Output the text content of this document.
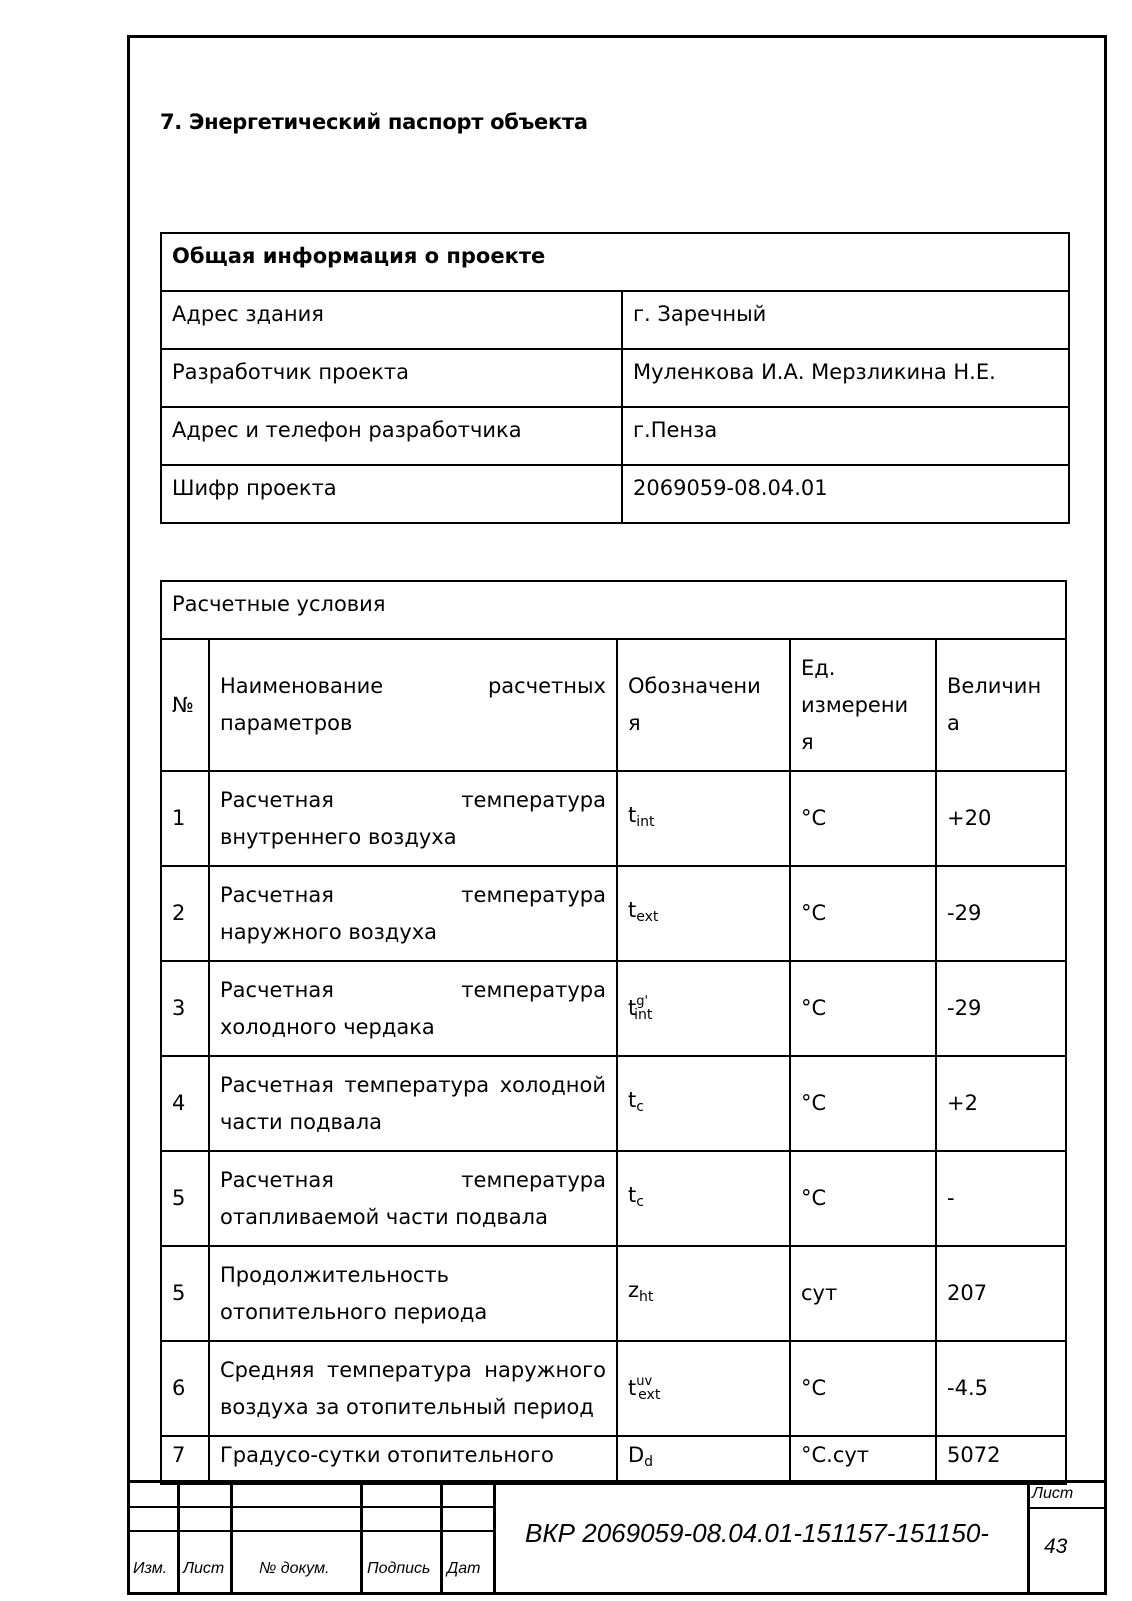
7. Энергетический паспорт объекта
Общая информация о проекте	
Адрес здания	г. Заречный
Разработчик проекта	Муленкова И.А. Мерзликина Н.Е.
Адрес и телефон разработчика	г.Пенза
Шифр проекта	2069059-08.04.01
Расчетные условия				
№	Наименование расчетных параметров	Обозначени я	Ед. измерени я	Величин а
1	Расчетная температура внутреннего воздуха	$t_{int}$	°С	+20
2	Расчетная температура наружного воздуха	$t_{ext}$	°С	-29
3	Расчетная температура холодного чердака	$t^{g'}_{int}$	°С	-29
4	Расчетная температура холодной части подвала	$t_c$	°С	+2
5	Расчетная температура отапливаемой части подвала	$t_c$	°С	-
5	Продолжительность отопительного периода	$z_{ht}$	сут	207
6	Средняя температура наружного воздуха за отопительный период	$t^{uv}_{ext}$	°С	-4.5
7	Градусо-сутки отопительного	$D_d$	°С.сут	5072
Изм. Лист № докум. Подпись Дат
ВКР 2069059-08.04.01-151157-151150-
Лист
43
